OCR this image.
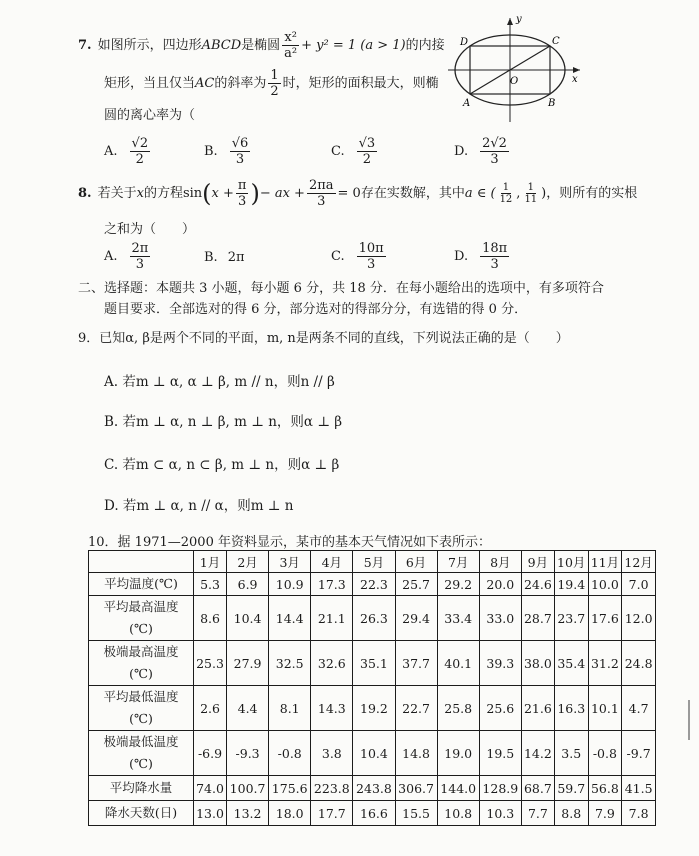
7. 如图所示，四边形ABCD是椭圆 $\frac{\text{x²}}{\text{a²}} + y^2 = 1$ (a > 1)的内接
矩形，当且仅当AC的斜率为 $\frac{1}{2}$ 时，矩形的面积最大，则椭
圆的离心率为（
y
x
D	C
O
A	B
A. $\frac{√2}{2}$	B. $\frac{√6}{3}$	C. $\frac{√3}{2}$	D. $\frac{2√2}{3}$
8. 若关于x的方程$\sin(x + \frac{\pi}{3}$ )− ax + $\frac{2\pi a}{3} = 0$存在实数解，其中a ∈ ( $\frac{1}{12}$ , $\frac{1}{11}$ )，则所有的实根
之和为（　　）
A. $\frac{2\pi}{3}$	B. 2π	C. $\frac{10\pi}{3}$	D. $\frac{18\pi}{3}$
二、选择题：本题共 3 小题，每小题 6 分，共 18 分．在每小题给出的选项中，有多项符合
题目要求．全部选对的得 6 分，部分选对的得部分分，有选错的得 0 分．
9．已知α, β是两个不同的平面，m, n是两条不同的直线，下列说法正确的是（　　）
A. 若m ⊥ α, α ⊥ β, m // n，则n // β
B. 若m ⊥ α, n ⊥ β, m ⊥ n，则α ⊥ β
C. 若m ⊂ α, n ⊂ β, m ⊥ n，则α ⊥ β
D. 若m ⊥ α, n // α，则m ⊥ n
10．据 1971—2000 年资料显示，某市的基本天气情况如下表所示：
	1月	2月	3月	4月	5月	6月	7月	8月	9月	10月	11月	12月

平均温度(℃)	5.3	6.9	10.9	17.3	22.3	25.7	29.2	20.0	24.6	19.4	10.0	7.0

平均最高温度
(℃)	8.6	10.4	14.4	21.1	26.3	29.4	33.4	33.0	28.7	23.7	17.6	12.0

极端最高温度
(℃)	25.3	27.9	32.5	32.6	35.1	37.7	40.1	39.3	38.0	35.4	31.2	24.8

平均最低温度
(℃)	2.6	4.4	8.1	14.3	19.2	22.7	25.8	25.6	21.6	16.3	10.1	4.7

极端最低温度
(℃)	-6.9	-9.3	-0.8	3.8	10.4	14.8	19.0	19.5	14.2	3.5	-0.8	-9.7

平均降水量	74.0	100.7	175.6	223.8	243.8	306.7	144.0	128.9	68.7	59.7	56.8	41.5

降水天数(日)	13.0	13.2	18.0	17.7	16.6	15.5	10.8	10.3	7.7	8.8	7.9	7.8
